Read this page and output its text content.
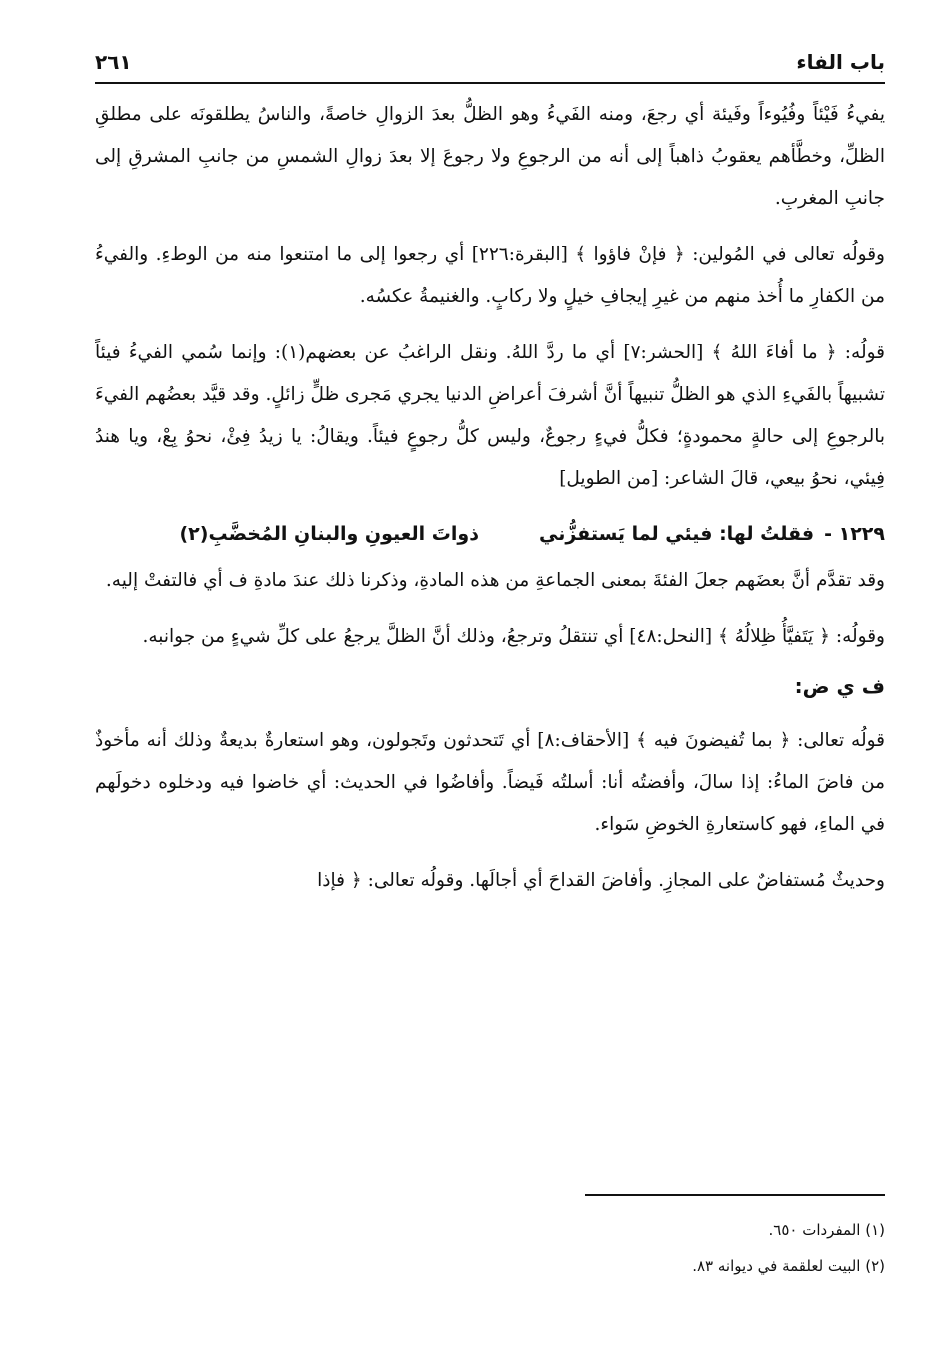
باب الفاء
٢٦١

يفيءُ فَيْئاً وفُيُوءاً وفَيئة أي رجعَ، ومنه الفَيءُ وهو الظلُّ بعدَ الزوالِ خاصةً، والناسُ يطلقونَه على مطلقِ الظلِّ، وخطَّأهم يعقوبُ ذاهباً إلى أنه من الرجوعِ ولا رجوعَ إلا بعدَ زوالِ الشمسِ من جانبِ المشرقِ إلى جانبِ المغربِ.

وقولُه تعالى في المُولين: ﴿ فإنْ فاؤوا ﴾ [البقرة:٢٢٦] أي رجعوا إلى ما امتنعوا منه من الوطءِ. والفيءُ من الكفارِ ما أُخذ منهم من غيرِ إيجافِ خيلٍ ولا ركابٍ. والغنيمةُ عكسُه.

قولُه: ﴿ ما أفاءَ اللهُ ﴾ [الحشر:٧] أي ما ردَّ اللهُ. ونقل الراغبُ عن بعضهم(١): وإنما سُمي الفيءُ فيئاً تشبيهاً بالفَيءِ الذي هو الظلُّ تنبيهاً أنَّ أشرفَ أعراضِ الدنيا يجري مَجرى ظلٍّ زائلٍ. وقد قيَّد بعضُهم الفيءَ بالرجوعِ إلى حالةٍ محمودةٍ؛ فكلُّ فيءٍ رجوعٌ، وليس كلُّ رجوعٍ فيئاً. ويقالُ: يا زيدُ فِئْ، نحوُ بِعْ، ويا هندُ فِيئي، نحوُ بيعي، قالَ الشاعر: [من الطويل]

١٢٢٩ -
فقلتُ لها: فيئي لما يَستفزُّني
ذواتَ العيونِ والبنانِ المُخضَّبِ(٢)

وقد تقدَّم أنَّ بعضَهم جعلَ الفئةَ بمعنى الجماعةِ من هذه المادةِ، وذكرنا ذلك عندَ مادةِ ف أي فالتفتْ إليه.

وقولُه: ﴿ يَتَفيَّأُ ظِلالُهُ ﴾ [النحل:٤٨] أي تنتقلُ وترجعُ، وذلك أنَّ الظلَّ يرجعُ على كلِّ شيءٍ من جوانبه.

ف ي ض:

قولُه تعالى: ﴿ بما تُفيضونَ فيه ﴾ [الأحقاف:٨] أي تَتحدثون وتَجولون، وهو استعارةٌ بديعةٌ وذلك أنه مأخوذٌ من فاضَ الماءُ: إذا سالَ، وأفضتُه أنا: أسلتُه فَيضاً. وأفاضُوا في الحديث: أي خاضوا فيه ودخلوه دخولَهم في الماءِ، فهو كاستعارةِ الخوضِ سَواء.

وحديثٌ مُستفاضٌ على المجازِ. وأفاضَ القداحَ أي أجالَها. وقولُه تعالى: ﴿ فإذا

(١) المفردات ٦٥٠.
(٢) البيت لعلقمة في ديوانه ٨٣.
